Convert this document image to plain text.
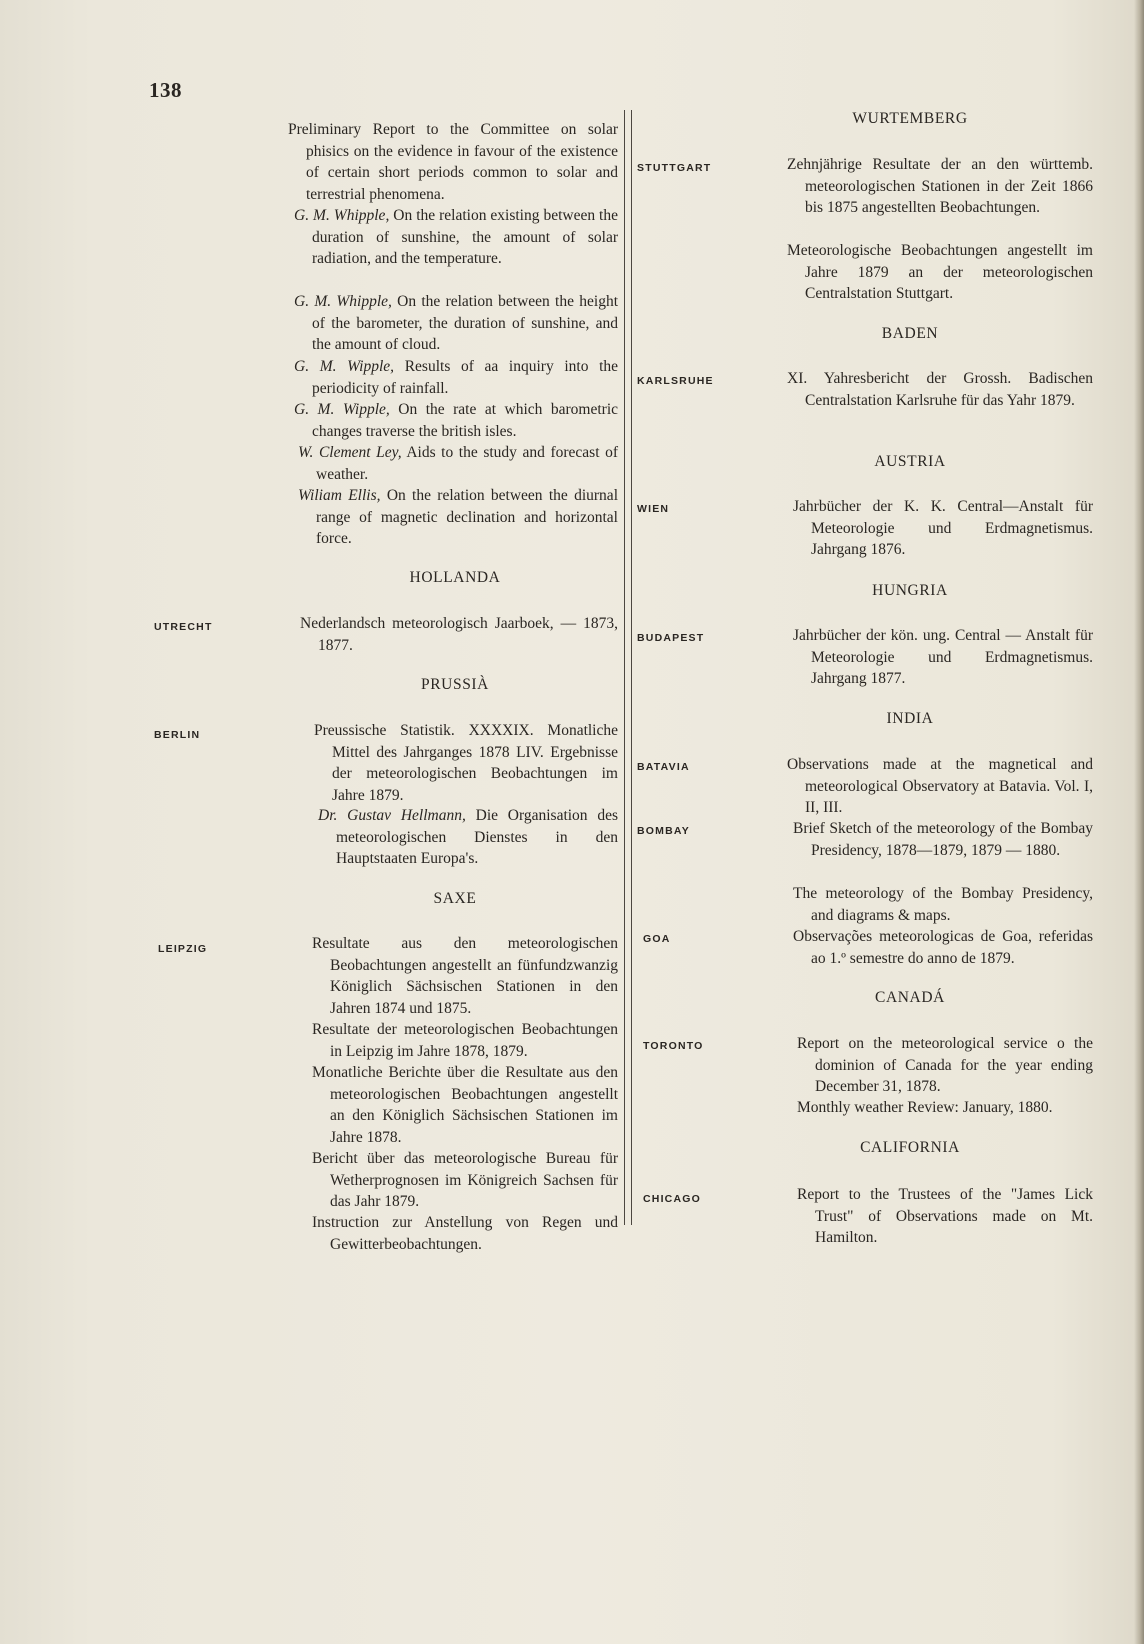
138

Preliminary Report to the Committee on solar phisics on the evidence in favour of the existence of certain short periods common to solar and terrestrial phenomena.

G. M. Whipple, On the relation existing between the duration of sunshine, the amount of solar radiation, and the temperature.

G. M. Whipple, On the relation between the height of the barometer, the duration of sunshine, and the amount of cloud.

G. M. Wipple, Results of aa inquiry into the periodicity of rainfall.

G. M. Wipple, On the rate at which barometric changes traverse the british isles.

W. Clement Ley, Aids to the study and forecast of weather.

Wiliam Ellis, On the relation between the diurnal range of magnetic declination and horizontal force.

HOLLANDA
UTRECHT	Nederlandsch meteorologisch Jaarboek, — 1873, 1877.

PRUSSIÀ
BERLIN	Preussische Statistik. XXXXIX. Monatliche Mittel des Jahrganges 1878 LIV. Ergebnisse der meteorologischen Beobachtungen im Jahre 1879.

Dr. Gustav Hellmann, Die Organisation des meteorologischen Dienstes in den Hauptstaaten Europa's.

SAXE
LEIPZIG	Resultate aus den meteorologischen Beobachtungen angestellt an fünfundzwanzig Königlich Sächsischen Stationen in den Jahren 1874 und 1875.

Resultate der meteorologischen Beobachtungen in Leipzig im Jahre 1878, 1879.

Monatliche Berichte über die Resultate aus den meteorologischen Beobachtungen angestellt an den Königlich Sächsischen Stationen im Jahre 1878.

Bericht über das meteorologische Bureau für Wetherprognosen im Königreich Sachsen für das Jahr 1879.

Instruction zur Anstellung von Regen und Gewitterbeobachtungen.

WURTEMBERG
STUTTGART	Zehnjährige Resultate der an den württemb. meteorologischen Stationen in der Zeit 1866 bis 1875 angestellten Beobachtungen.

Meteorologische Beobachtungen angestellt im Jahre 1879 an der meteorologischen Centralstation Stuttgart.

BADEN
KARLSRUHE	XI. Yahresbericht der Grossh. Badischen Centralstation Karlsruhe für das Yahr 1879.

AUSTRIA
WIEN	Jahrbücher der K. K. Central—Anstalt für Meteorologie und Erdmagnetismus. Jahrgang 1876.

HUNGRIA
BUDAPEST	Jahrbücher der kön. ung. Central — Anstalt für Meteorologie und Erdmagnetismus. Jahrgang 1877.

INDIA
BATAVIA	Observations made at the magnetical and meteorological Observatory at Batavia. Vol. I, II, III.

BOMBAY	Brief Sketch of the meteorology of the Bombay Presidency, 1878—1879, 1879 — 1880.

The meteorology of the Bombay Presidency, and diagrams & maps.

GOA	Observações meteorologicas de Goa, referidas ao 1.º semestre do anno de 1879.

CANADÁ
TORONTO	Report on the meteorological service o the dominion of Canada for the year ending December 31, 1878.

Monthly weather Review: January, 1880.

CALIFORNIA
CHICAGO	Report to the Trustees of the "James Lick Trust" of Observations made on Mt. Hamilton.
